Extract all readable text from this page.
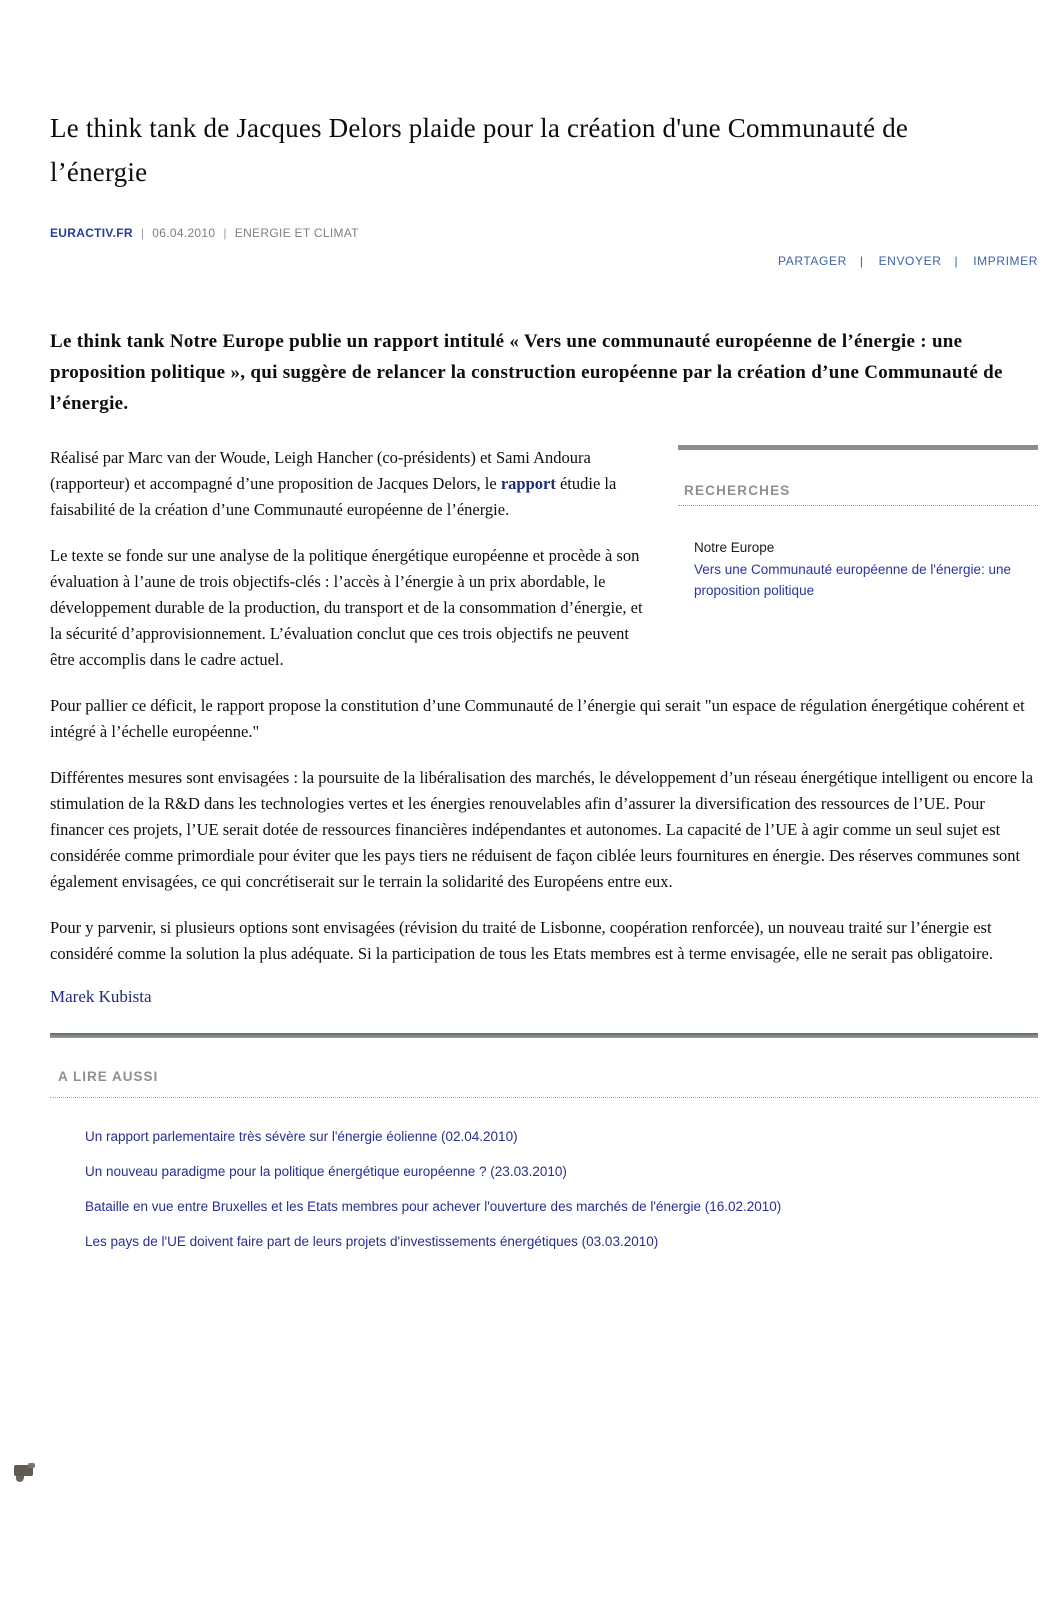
Le think tank de Jacques Delors plaide pour la création d'une Communauté de l’énergie
EURACTIV.FR | 06.04.2010 | ENERGIE ET CLIMAT
PARTAGER | ENVOYER | IMPRIMER

Le think tank Notre Europe publie un rapport intitulé « Vers une communauté européenne de l’énergie : une proposition politique », qui suggère de relancer la construction européenne par la création d’une Communauté de l’énergie.

RECHERCHES
Notre Europe
Vers une Communauté européenne de l'énergie: une proposition politique

Réalisé par Marc van der Woude, Leigh Hancher (co-présidents) et Sami Andoura (rapporteur) et accompagné d’une proposition de Jacques Delors, le rapport étudie la faisabilité de la création d’une Communauté européenne de l’énergie.

Le texte se fonde sur une analyse de la politique énergétique européenne et procède à son évaluation à l’aune de trois objectifs-clés : l’accès à l’énergie à un prix abordable, le développement durable de la production, du transport et de la consommation d’énergie, et la sécurité d’approvisionnement. L’évaluation conclut que ces trois objectifs ne peuvent être accomplis dans le cadre actuel.

Pour pallier ce déficit, le rapport propose la constitution d’une Communauté de l’énergie qui serait "un espace de régulation énergétique cohérent et intégré à l’échelle européenne."

Différentes mesures sont envisagées : la poursuite de la libéralisation des marchés, le développement d’un réseau énergétique intelligent ou encore la stimulation de la R&D dans les technologies vertes et les énergies renouvelables afin d’assurer la diversification des ressources de l’UE. Pour financer ces projets, l’UE serait dotée de ressources financières indépendantes et autonomes. La capacité de l’UE à agir comme un seul sujet est considérée comme primordiale pour éviter que les pays tiers ne réduisent de façon ciblée leurs fournitures en énergie. Des réserves communes sont également envisagées, ce qui concrétiserait sur le terrain la solidarité des Européens entre eux.

Pour y parvenir, si plusieurs options sont envisagées (révision du traité de Lisbonne, coopération renforcée), un nouveau traité sur l’énergie est considéré comme la solution la plus adéquate. Si la participation de tous les Etats membres est à terme envisagée, elle ne serait pas obligatoire.

Marek Kubista

A LIRE AUSSI
Un rapport parlementaire très sévère sur l'énergie éolienne (02.04.2010)
Un nouveau paradigme pour la politique énergétique européenne ? (23.03.2010)
Bataille en vue entre Bruxelles et les Etats membres pour achever l'ouverture des marchés de l'énergie (16.02.2010)
Les pays de l'UE doivent faire part de leurs projets d'investissements énergétiques (03.03.2010)
